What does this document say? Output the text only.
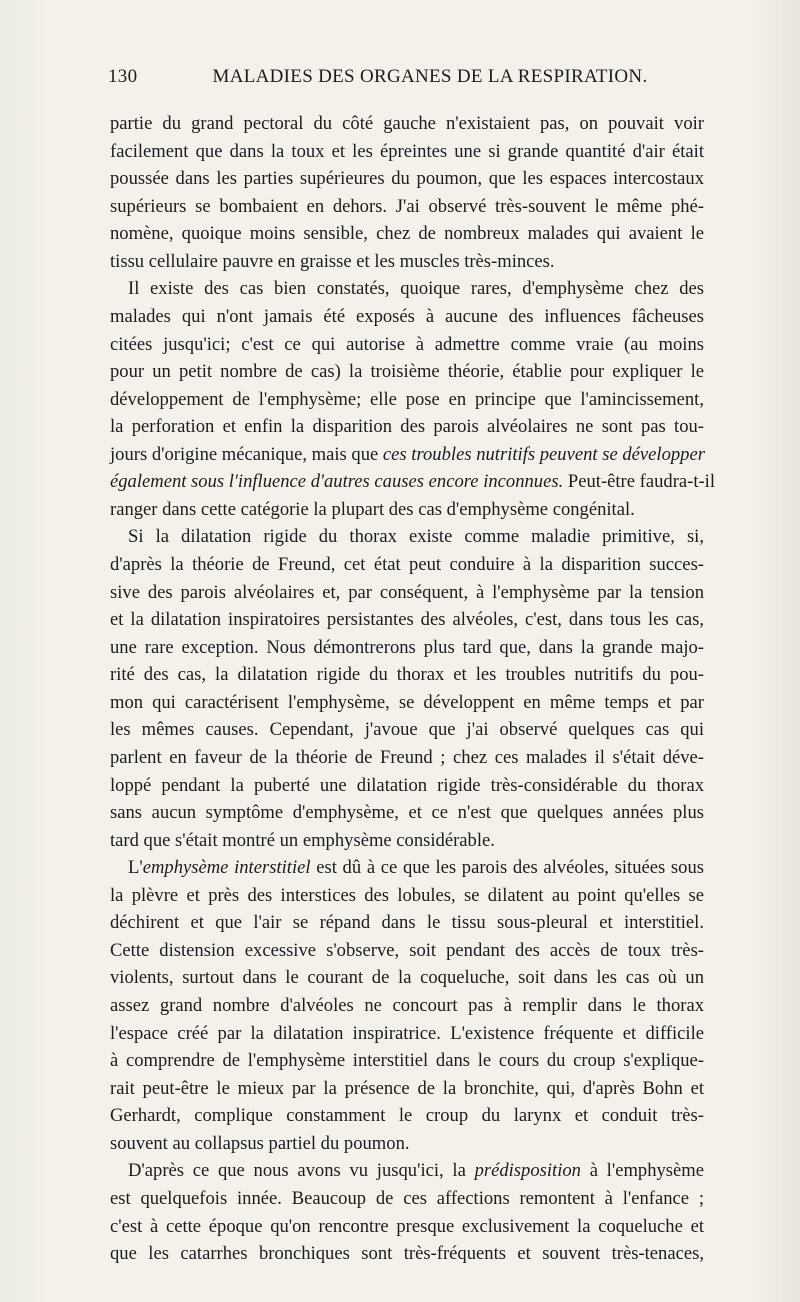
130	MALADIES DES ORGANES DE LA RESPIRATION.
partie du grand pectoral du côté gauche n'existaient pas, on pouvait voir
facilement que dans la toux et les épreintes une si grande quantité d'air était
poussée dans les parties supérieures du poumon, que les espaces intercostaux
supérieurs se bombaient en dehors. J'ai observé très-souvent le même phé-
nomène, quoique moins sensible, chez de nombreux malades qui avaient le
tissu cellulaire pauvre en graisse et les muscles très-minces.
Il existe des cas bien constatés, quoique rares, d'emphysème chez des
malades qui n'ont jamais été exposés à aucune des influences fâcheuses
citées jusqu'ici; c'est ce qui autorise à admettre comme vraie (au moins
pour un petit nombre de cas) la troisième théorie, établie pour expliquer le
développement de l'emphysème; elle pose en principe que l'amincissement,
la perforation et enfin la disparition des parois alvéolaires ne sont pas tou-
jours d'origine mécanique, mais que ces troubles nutritifs peuvent se développer
également sous l'influence d'autres causes encore inconnues. Peut-être faudra-t-il
ranger dans cette catégorie la plupart des cas d'emphysème congénital.
Si la dilatation rigide du thorax existe comme maladie primitive, si,
d'après la théorie de Freund, cet état peut conduire à la disparition succes-
sive des parois alvéolaires et, par conséquent, à l'emphysème par la tension
et la dilatation inspiratoires persistantes des alvéoles, c'est, dans tous les cas,
une rare exception. Nous démontrerons plus tard que, dans la grande majo-
rité des cas, la dilatation rigide du thorax et les troubles nutritifs du pou-
mon qui caractérisent l'emphysème, se développent en même temps et par
les mêmes causes. Cependant, j'avoue que j'ai observé quelques cas qui
parlent en faveur de la théorie de Freund ; chez ces malades il s'était déve-
loppé pendant la puberté une dilatation rigide très-considérable du thorax
sans aucun symptôme d'emphysème, et ce n'est que quelques années plus
tard que s'était montré un emphysème considérable.
L'emphysème interstitiel est dû à ce que les parois des alvéoles, situées sous
la plèvre et près des interstices des lobules, se dilatent au point qu'elles se
déchirent et que l'air se répand dans le tissu sous-pleural et interstitiel.
Cette distension excessive s'observe, soit pendant des accès de toux très-
violents, surtout dans le courant de la coqueluche, soit dans les cas où un
assez grand nombre d'alvéoles ne concourt pas à remplir dans le thorax
l'espace créé par la dilatation inspiratrice. L'existence fréquente et difficile
à comprendre de l'emphysème interstitiel dans le cours du croup s'explique-
rait peut-être le mieux par la présence de la bronchite, qui, d'après Bohn et
Gerhardt, complique constamment le croup du larynx et conduit très-
souvent au collapsus partiel du poumon.
D'après ce que nous avons vu jusqu'ici, la prédisposition à l'emphysème
est quelquefois innée. Beaucoup de ces affections remontent à l'enfance ;
c'est à cette époque qu'on rencontre presque exclusivement la coqueluche et
que les catarrhes bronchiques sont très-fréquents et souvent très-tenaces,
